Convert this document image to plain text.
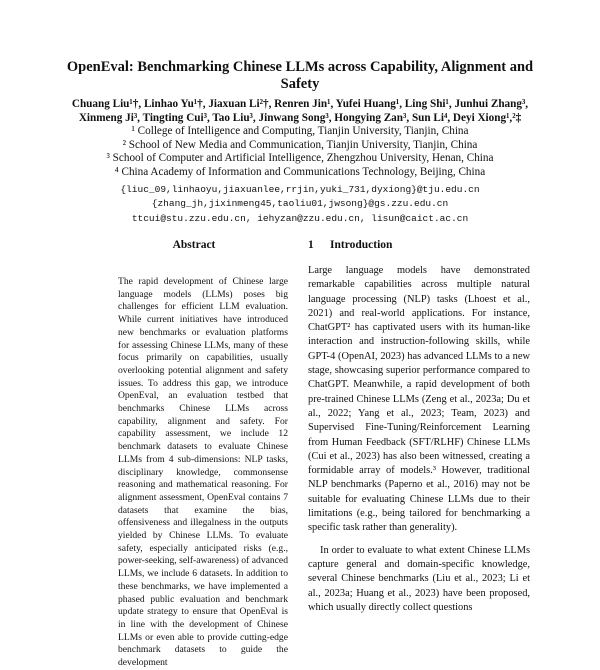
OpenEval: Benchmarking Chinese LLMs across Capability, Alignment and Safety
Chuang Liu¹†, Linhao Yu¹†, Jiaxuan Li²†, Renren Jin¹, Yufei Huang¹, Ling Shi¹, Junhui Zhang³,
Xinmeng Ji³, Tingting Cui³, Tao Liu³, Jinwang Song³, Hongying Zan³, Sun Li⁴, Deyi Xiong¹,²‡
¹ College of Intelligence and Computing, Tianjin University, Tianjin, China
² School of New Media and Communication, Tianjin University, Tianjin, China
³ School of Computer and Artificial Intelligence, Zhengzhou University, Henan, China
⁴ China Academy of Information and Communications Technology, Beijing, China
{liuc_09,linhaoyu,jiaxuanlee,rrjin,yuki_731,dyxiong}@tju.edu.cn
{zhang_jh,jixinmeng45,taoliu01,jwsong}@gs.zzu.edu.cn
ttcui@stu.zzu.edu.cn, iehyzan@zzu.edu.cn, lisun@caict.ac.cn
Abstract
The rapid development of Chinese large language models (LLMs) poses big challenges for efficient LLM evaluation. While current initiatives have introduced new benchmarks or evaluation platforms for assessing Chinese LLMs, many of these focus primarily on capabilities, usually overlooking potential alignment and safety issues. To address this gap, we introduce OpenEval, an evaluation testbed that benchmarks Chinese LLMs across capability, alignment and safety. For capability assessment, we include 12 benchmark datasets to evaluate Chinese LLMs from 4 sub-dimensions: NLP tasks, disciplinary knowledge, commonsense reasoning and mathematical reasoning. For alignment assessment, OpenEval contains 7 datasets that examine the bias, offensiveness and illegalness in the outputs yielded by Chinese LLMs. To evaluate safety, especially anticipated risks (e.g., power-seeking, self-awareness) of advanced LLMs, we include 6 datasets. In addition to these benchmarks, we have implemented a phased public evaluation and benchmark update strategy to ensure that OpenEval is in line with the development of Chinese LLMs or even able to provide cutting-edge benchmark datasets to guide the development
1 Introduction

Large language models have demonstrated remarkable capabilities across multiple natural language processing (NLP) tasks (Lhoest et al., 2021) and real-world applications. For instance, ChatGPT² has captivated users with its human-like interaction and instruction-following skills, while GPT-4 (OpenAI, 2023) has advanced LLMs to a new stage, showcasing superior performance compared to ChatGPT. Meanwhile, a rapid development of both pre-trained Chinese LLMs (Zeng et al., 2023a; Du et al., 2022; Yang et al., 2023; Team, 2023) and Supervised Fine-Tuning/Reinforcement Learning from Human Feedback (SFT/RLHF) Chinese LLMs (Cui et al., 2023) has also been witnessed, creating a formidable array of models.³ However, traditional NLP benchmarks (Paperno et al., 2016) may not be suitable for evaluating Chinese LLMs due to their limitations (e.g., being tailored for benchmarking a specific task rather than generality).

In order to evaluate to what extent Chinese LLMs capture general and domain-specific knowledge, several Chinese benchmarks (Liu et al., 2023; Li et al., 2023a; Huang et al., 2023) have been proposed, which usually directly collect questions
